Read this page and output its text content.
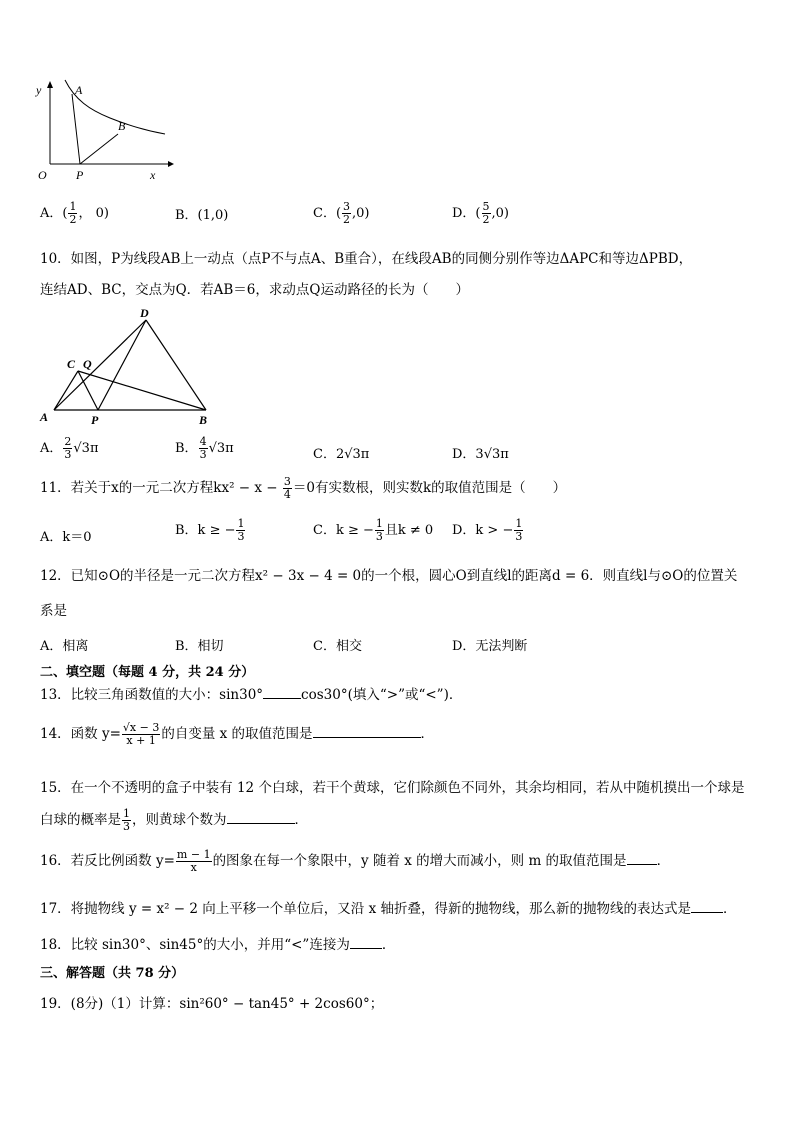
y
x
O
A
B
P
A．( $\frac{1}{2}$ ， 0)	B．(1,0)	C．( $\frac{3}{2} ,0$)	D．( $\frac{5}{2} ,0$)
10．如图，P为线段AB上一动点（点P不与点A、B重合），在线段AB的同侧分别作等边ΔAPC和等边ΔPBD，
连结AD、BC，交点为Q．若AB＝6，求动点Q运动路径的长为（　　）
D
C Q
A	P	B
A． $\frac{2}{3} √3\pi$	B． $\frac{4}{3} √3\pi$	C．2√3π	D．3√3π
11．若关于x的一元二次方程$kx^2 - x - \frac{3}{4} =0$有实数根，则实数k的取值范围是（　　）
A．k＝0	B．k ≥ − $\frac{1}{3}$	C．k ≥ − $\frac{1}{3}$ 且k ≠ 0 D．k > − $\frac{1}{3}$
12．已知⊙O的半径是一元二次方程x² − 3x − 4 = 0的一个根，圆心O到直线l的距离d = 6．则直线l与⊙O的位置关
系是
A．相离	B．相切	C．相交	D．无法判断
二、填空题（每题 4 分，共 24 分）
13．比较三角函数值的大小：sin30°	cos30°(填入“>”或“<”)．
14．函数 $y= \frac{√x - 3}{x + 1}$ 的自变量 x 的取值范围是	．
15．在一个不透明的盒子中装有 12 个白球，若干个黄球，它们除颜色不同外，其余均相同，若从中随机摸出一个球是
白球的概率是 $\frac{1}{3}$ ，则黄球个数为	．
16．若反比例函数 $y= \frac{m - 1}{x}$ 的图象在每一个象限中，y 随着 x 的增大而减小，则 m 的取值范围是 ．
17．将抛物线 y = x² − 2 向上平移一个单位后，又沿 x 轴折叠，得新的抛物线，那么新的抛物线的表达式是 ．
18．比较 sin30°、sin45°的大小，并用“<”连接为 ．
三、解答题（共 78 分）
19．(8分)（1）计算：sin²60° − tan45° + 2cos60°；
